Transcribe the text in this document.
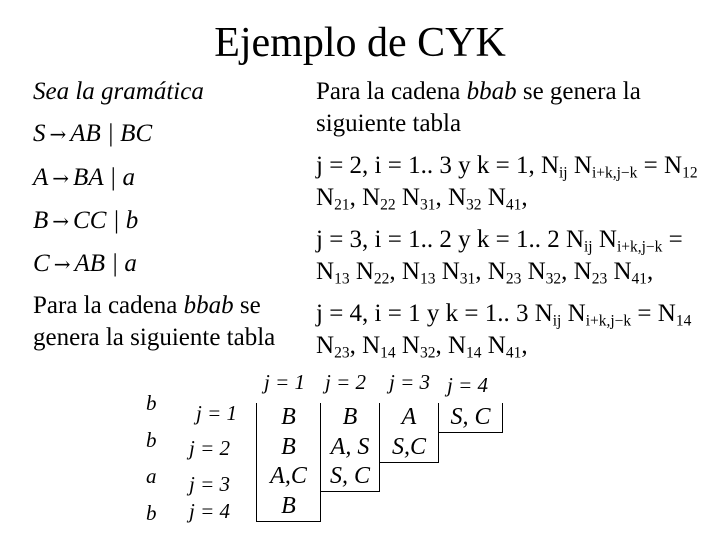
Ejemplo de CYK
Sea la gramática
S → AB | BC
A → BA | a
B → CC | b
C → AB | a
Para la cadena bbab se
genera la siguiente tabla
Para la cadena bbab se genera la
siguiente tabla
j = 2, i = 1.. 3 y k = 1, $N_{ij}$ $N_{i+k,j-k} = N_{12}$
$N_{21}$, $N_{22}$ $N_{31}$, $N_{32}$ $N_{41}$,
j = 3, i = 1.. 2 y k = 1.. 2 $N_{ij}$ $N_{i+k,j-k}$ =
$N_{13}$ $N_{22}$, $N_{13}$ $N_{31}$, $N_{23}$ $N_{32}$, $N_{23}$ $N_{41}$,
j = 4, i = 1 y k = 1.. 3 $N_{ij}$ $N_{i+k,j-k} = N_{14}$
$N_{23}$, $N_{14}$ $N_{32}$, $N_{14}$ $N_{41}$,
j = 1 j = 2 j = 3 j = 4
b
b
a
b
j = 1
j = 2
j = 3
j = 4
B	B	A	S, C
B	A, S	S,C	
A,C	S, C		
B			
